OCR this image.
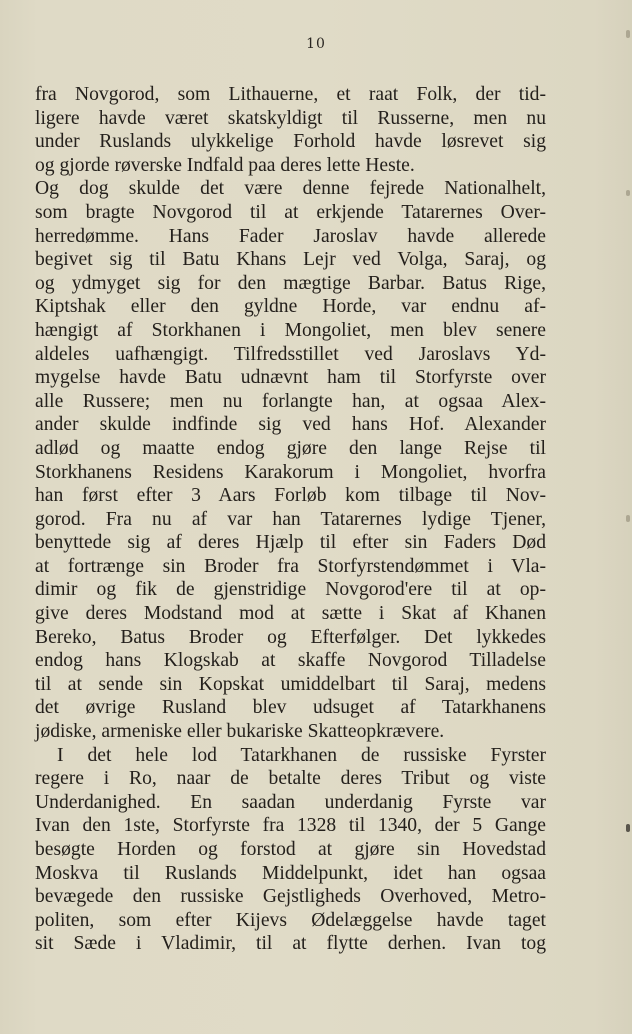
10
fra Novgorod, som Lithauerne, et raat Folk, der tid-
ligere havde været skatskyldigt til Russerne, men nu
under Ruslands ulykkelige Forhold havde løsrevet sig
og gjorde røverske Indfald paa deres lette Heste.
Og dog skulde det være denne fejrede Nationalhelt,
som bragte Novgorod til at erkjende Tatarernes Over-
herredømme. Hans Fader Jaroslav havde allerede
begivet sig til Batu Khans Lejr ved Volga, Saraj, og
og ydmyget sig for den mægtige Barbar. Batus Rige,
Kiptshak eller den gyldne Horde, var endnu af-
hængigt af Storkhanen i Mongoliet, men blev senere
aldeles uafhængigt. Tilfredsstillet ved Jaroslavs Yd-
mygelse havde Batu udnævnt ham til Storfyrste over
alle Russere; men nu forlangte han, at ogsaa Alex-
ander skulde indfinde sig ved hans Hof. Alexander
adlød og maatte endog gjøre den lange Rejse til
Storkhanens Residens Karakorum i Mongoliet, hvorfra
han først efter 3 Aars Forløb kom tilbage til Nov-
gorod. Fra nu af var han Tatarernes lydige Tjener,
benyttede sig af deres Hjælp til efter sin Faders Død
at fortrænge sin Broder fra Storfyrstendømmet i Vla-
dimir og fik de gjenstridige Novgorod'ere til at op-
give deres Modstand mod at sætte i Skat af Khanen
Bereko, Batus Broder og Efterfølger. Det lykkedes
endog hans Klogskab at skaffe Novgorod Tilladelse
til at sende sin Kopskat umiddelbart til Saraj, medens
det øvrige Rusland blev udsuget af Tatarkhanens
jødiske, armeniske eller bukariske Skatteopkrævere.
I det hele lod Tatarkhanen de russiske Fyrster
regere i Ro, naar de betalte deres Tribut og viste
Underdanighed. En saadan underdanig Fyrste var
Ivan den 1ste, Storfyrste fra 1328 til 1340, der 5 Gange
besøgte Horden og forstod at gjøre sin Hovedstad
Moskva til Ruslands Middelpunkt, idet han ogsaa
bevægede den russiske Gejstligheds Overhoved, Metro-
politen, som efter Kijevs Ødelæggelse havde taget
sit Sæde i Vladimir, til at flytte derhen. Ivan tog
